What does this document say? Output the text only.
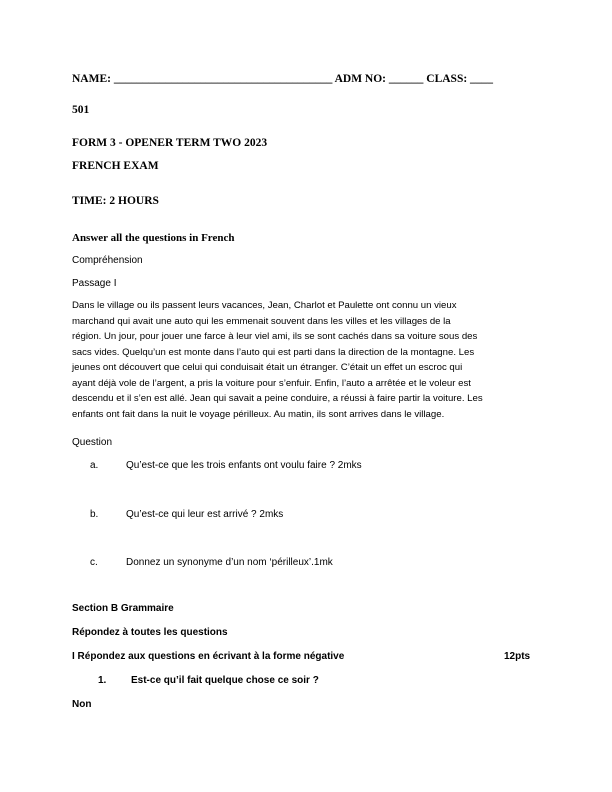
NAME: ______________________________________ ADM NO: ______ CLASS: ____
501
FORM 3 - OPENER TERM TWO 2023
FRENCH EXAM
TIME: 2 HOURS
Answer all the questions in French
Compréhension
Passage I
Dans le village ou ils passent leurs vacances, Jean, Charlot et Paulette ont connu un vieux
marchand qui avait une auto qui les emmenait souvent dans les villes et les villages de la
région. Un jour, pour jouer une farce à leur viel ami, ils se sont cachés dans sa voiture sous des
sacs vides. Quelqu’un est monte dans l’auto qui est parti dans la direction de la montagne. Les
jeunes ont découvert que celui qui conduisait était un étranger. C’était un effet un escroc qui
ayant déjà vole de l’argent, a pris la voiture pour s’enfuir. Enfin, l’auto a arrêtée et le voleur est
descendu et il s’en est allé. Jean qui savait a peine conduire, a réussi à faire partir la voiture. Les
enfants ont fait dans la nuit le voyage périlleux. Au matin, ils sont arrives dans le village.
Question
a.	Qu’est-ce que les trois enfants ont voulu faire ? 2mks
b.	Qu’est-ce qui leur est arrivé ? 2mks
c.	Donnez un synonyme d’un nom ‘périlleux’.1mk
Section B Grammaire
Répondez à toutes les questions
I Répondez aux questions en écrivant à la forme négative	12pts
1. Est-ce qu’il fait quelque chose ce soir ?
Non
